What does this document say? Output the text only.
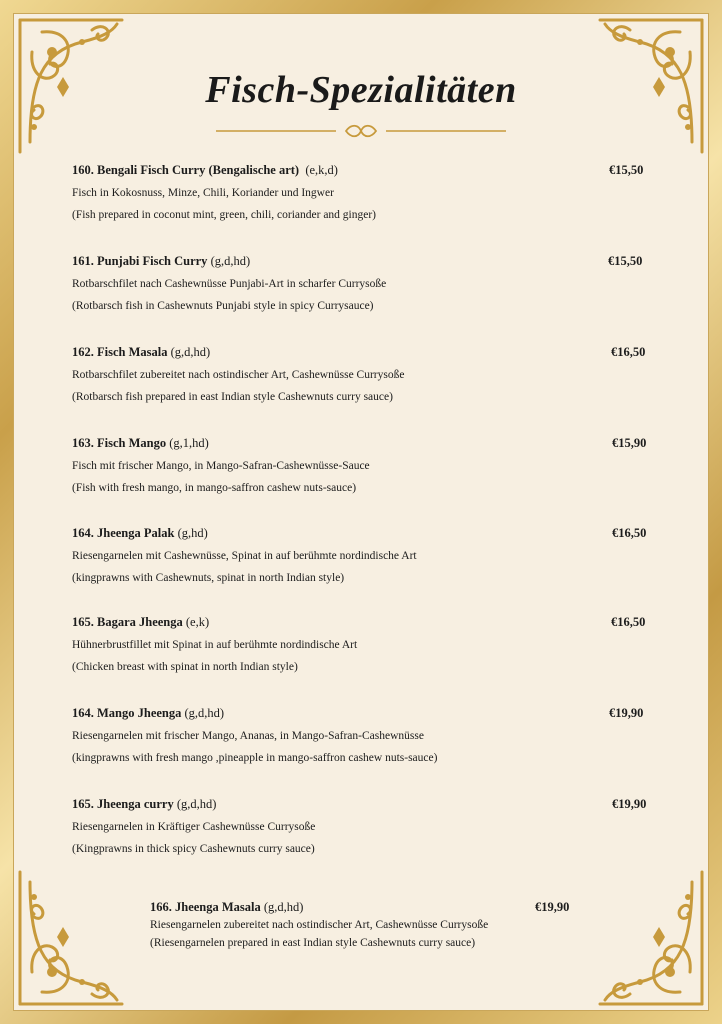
Fisch-Spezialitäten
160. Bengali Fisch Curry (Bengalische art) (e,k,d)	€15,50
Fisch in Kokosnuss, Minze, Chili, Koriander und Ingwer
(Fish prepared in coconut mint, green, chili, coriander and ginger)
161. Punjabi Fisch Curry (g,d,hd)	€15,50
Rotbarschfilet nach Cashewnüsse Punjabi-Art in scharfer Currysoße
(Rotbarsch fish in Cashewnuts Punjabi style in spicy Currysauce)
162. Fisch Masala (g,d,hd)	€16,50
Rotbarschfilet zubereitet nach ostindischer Art, Cashewnüsse Currysoße
(Rotbarsch fish prepared in east Indian style Cashewnuts curry sauce)
163. Fisch Mango (g,1,hd)	€15,90
Fisch mit frischer Mango, in Mango-Safran-Cashewnüsse-Sauce
(Fish with fresh mango, in mango-saffron cashew nuts-sauce)
164. Jheenga Palak (g,hd)	€16,50
Riesengarnelen mit Cashewnüsse, Spinat in auf berühmte nordindische Art
(kingprawns with Cashewnuts, spinat in north Indian style)
165. Bagara Jheenga (e,k)	€16,50
Hühnerbrustfillet mit Spinat in auf berühmte nordindische Art
(Chicken breast with spinat in north Indian style)
164. Mango Jheenga (g,d,hd)	€19,90
Riesengarnelen mit frischer Mango, Ananas, in Mango-Safran-Cashewnüsse
(kingprawns with fresh mango ,pineapple in mango-saffron cashew nuts-sauce)
165. Jheenga curry (g,d,hd)	€19,90
Riesengarnelen in Kräftiger Cashewnüsse Currysoße
(Kingprawns in thick spicy Cashewnuts curry sauce)
166. Jheenga Masala (g,d,hd)	€19,90
Riesengarnelen zubereitet nach ostindischer Art, Cashewnüsse Currysoße
(Riesengarnelen prepared in east Indian style Cashewnuts curry sauce)
